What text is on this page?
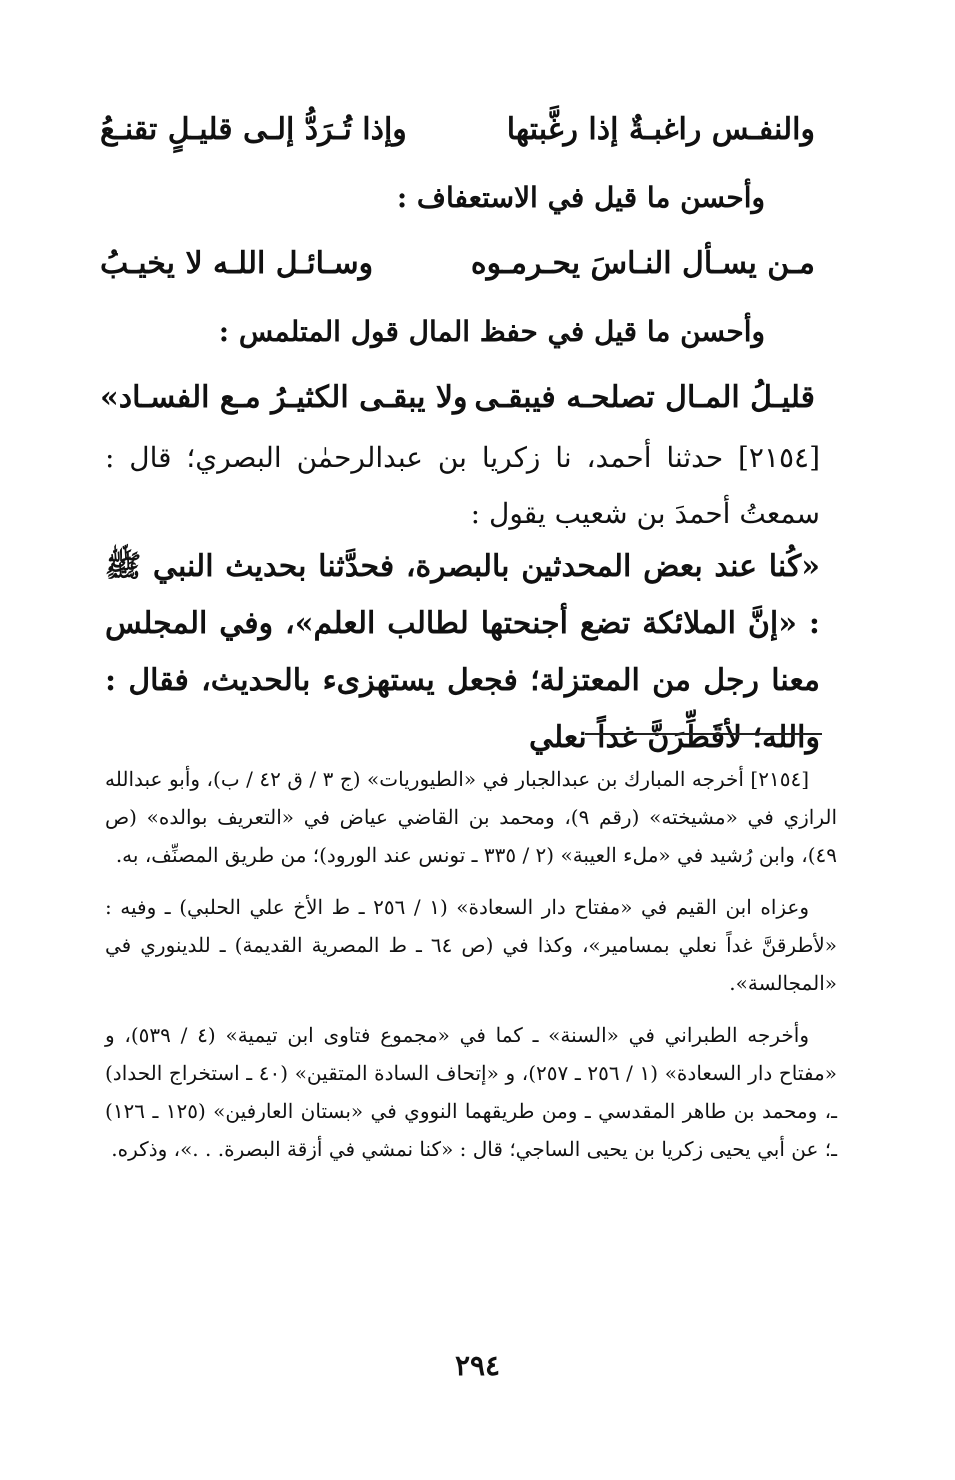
والنفـس راغبـةٌ إذا رغَّبتها
وإذا تُـرَدُّ إلـى قليـلٍ تقنـعُ
وأحسن ما قيل في الاستعفاف :
مـن يسـأل النـاسَ يحـرمـوه
وسـائـل اللـه لا يخيـبُ
وأحسن ما قيل في حفظ المال قول المتلمس :
قليـلُ المـال تصلحـه فيبقـى
ولا يبقـى الكثيـرُ مـع الفسـاد»
[٢١٥٤] حدثنا أحمد، نا زكريا بن عبدالرحمٰن البصري؛ قال : سمعتُ أحمدَ بن شعيب يقول :
«كُنا عند بعض المحدثين بالبصرة، فحدَّثنا بحديث النبي ﷺ : «إنَّ الملائكة تضع أجنحتها لطالب العلم»، وفي المجلس معنا رجل من المعتزلة؛ فجعل يستهزىء بالحديث، فقال : والله؛ لأقَطِّرَنَّ غداً نعلي

[٢١٥٤] أخرجه المبارك بن عبدالجبار في «الطيوريات» (ج ٣ / ق ٤٢ / ب)، وأبو عبدالله الرازي في «مشيخته» (رقم ٩)، ومحمد بن القاضي عياض في «التعريف بوالده» (ص ٤٩)، وابن رُشيد في «ملء العيبة» (٢ / ٣٣٥ ـ تونس عند الورود)؛ من طريق المصنِّف، به.

وعزاه ابن القيم في «مفتاح دار السعادة» (١ / ٢٥٦ ـ ط الأخ علي الحلبي) ـ وفيه : «لأطرقنَّ غداً نعلي بمسامير»، وكذا في (ص ٦٤ ـ ط المصرية القديمة) ـ للدينوري في «المجالسة».

وأخرجه الطبراني في «السنة» ـ كما في «مجموع فتاوى ابن تيمية» (٤ / ٥٣٩)، و «مفتاح دار السعادة» (١ / ٢٥٦ ـ ٢٥٧)، و «إتحاف السادة المتقين» (٤٠ ـ استخراج الحداد) ـ، ومحمد بن طاهر المقدسي ـ ومن طريقهما النووي في «بستان العارفين» (١٢٥ ـ ١٢٦) ـ؛ عن أبي يحيى زكريا بن يحيى الساجي؛ قال : «كنا نمشي في أزقة البصرة. . .»، وذكره.

٢٩٤
